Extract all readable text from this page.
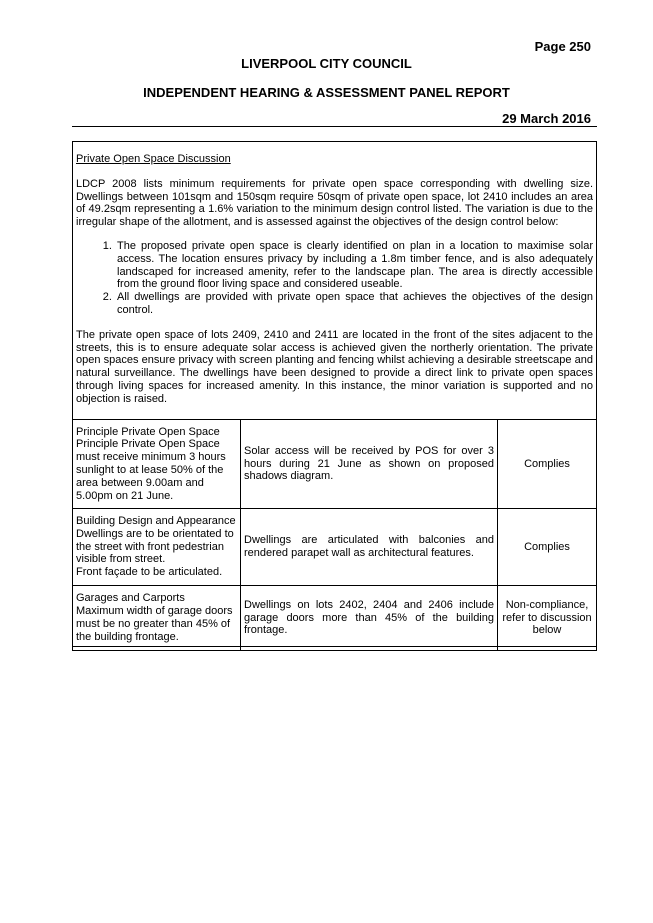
Page 250
LIVERPOOL CITY COUNCIL
INDEPENDENT HEARING & ASSESSMENT PANEL REPORT
29 March 2016

Private Open Space Discussion

LDCP 2008 lists minimum requirements for private open space corresponding with dwelling size. Dwellings between 101sqm and 150sqm require 50sqm of private open space, lot 2410 includes an area of 49.2sqm representing a 1.6% variation to the minimum design control listed. The variation is due to the irregular shape of the allotment, and is assessed against the objectives of the design control below:

1. The proposed private open space is clearly identified on plan in a location to maximise solar access. The location ensures privacy by including a 1.8m timber fence, and is also adequately landscaped for increased amenity, refer to the landscape plan. The area is directly accessible from the ground floor living space and considered useable.
2. All dwellings are provided with private open space that achieves the objectives of the design control.

The private open space of lots 2409, 2410 and 2411 are located in the front of the sites adjacent to the streets, this is to ensure adequate solar access is achieved given the northerly orientation. The private open spaces ensure privacy with screen planting and fencing whilst achieving a desirable streetscape and natural surveillance. The dwellings have been designed to provide a direct link to private open spaces through living spaces for increased amenity. In this instance, the minor variation is supported and no objection is raised.

Principle Private Open Space
Principle Private Open Space must receive minimum 3 hours sunlight to at lease 50% of the area between 9.00am and 5.00pm on 21 June.	Solar access will be received by POS for over 3 hours during 21 June as shown on proposed shadows diagram.	Complies
Building Design and Appearance
Dwellings are to be orientated to the street with front pedestrian visible from street.
Front façade to be articulated.	Dwellings are articulated with balconies and rendered parapet wall as architectural features.	Complies
Garages and Carports
Maximum width of garage doors must be no greater than 45% of the building frontage.	Dwellings on lots 2402, 2404 and 2406 include garage doors more than 45% of the building frontage.	Non-compliance, refer to discussion below
